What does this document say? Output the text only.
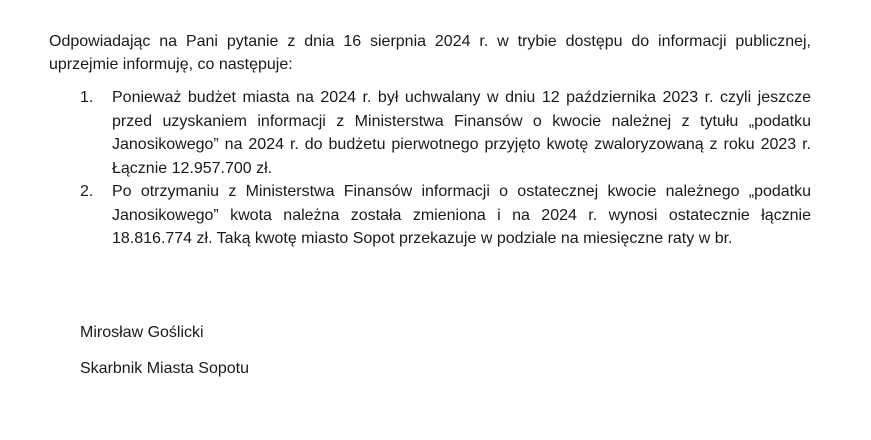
Odpowiadając na Pani pytanie z dnia 16 sierpnia 2024 r. w trybie dostępu do informacji publicznej, uprzejmie informuję, co następuje:

1. Ponieważ budżet miasta na 2024 r. był uchwalany w dniu 12 października 2023 r. czyli jeszcze przed uzyskaniem informacji z Ministerstwa Finansów o kwocie należnej z tytułu „podatku Janosikowego” na 2024 r. do budżetu pierwotnego przyjęto kwotę zwaloryzowaną z roku 2023 r. Łącznie 12.957.700 zł.
2. Po otrzymaniu z Ministerstwa Finansów informacji o ostatecznej kwocie należnego „podatku Janosikowego” kwota należna została zmieniona i na 2024 r. wynosi ostatecznie łącznie 18.816.774 zł. Taką kwotę miasto Sopot przekazuje w podziale na miesięczne raty w br.

Mirosław Goślicki

Skarbnik Miasta Sopotu
